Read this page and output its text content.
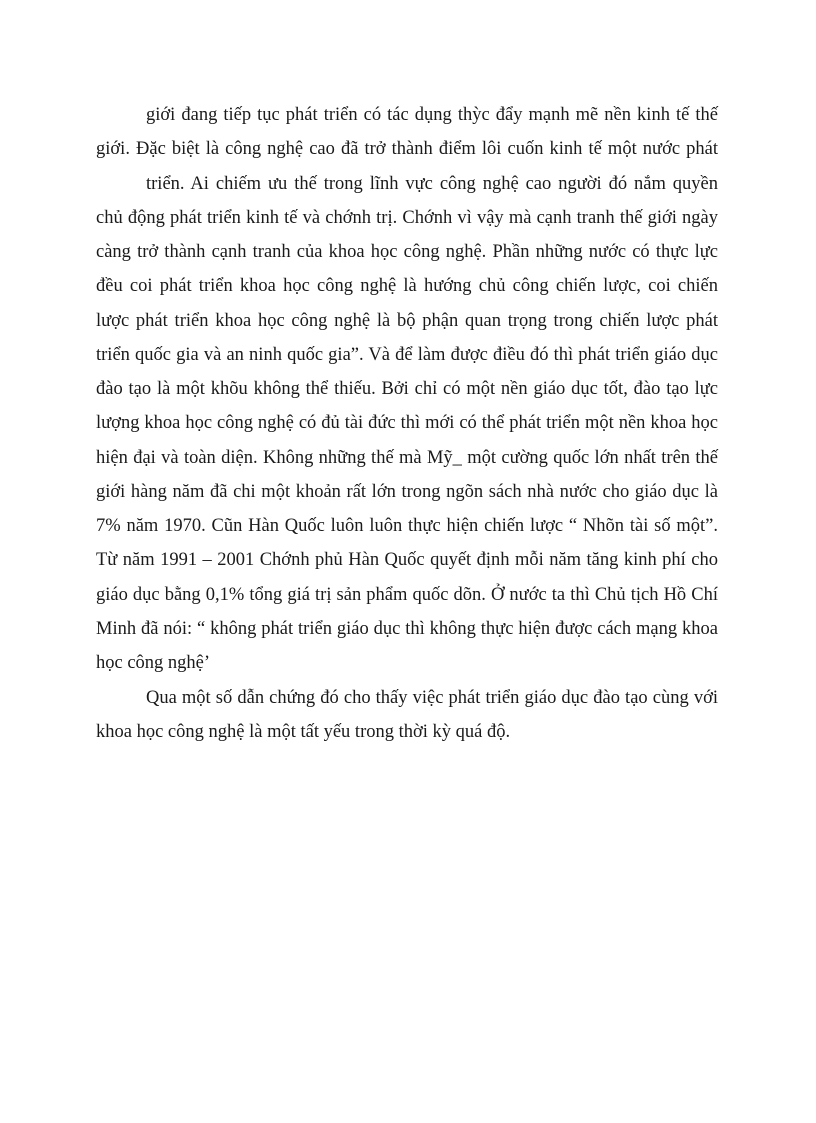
giới đang tiếp tục phát triển có tác dụng thỳc đẩy mạnh mẽ nền kinh tế thế
giới. Đặc biệt là công nghệ cao đã trở thành điểm lôi cuốn kinh tế một nước phát
triển. Ai chiếm ưu thế trong lĩnh vực công nghệ cao người đó nắm quyền
chủ động phát triển kinh tế và chớnh trị. Chớnh vì vậy mà cạnh tranh thế giới ngày
càng trở thành cạnh tranh của khoa học công nghệ. Phần những nước có thực lực
đều coi phát triển khoa học công nghệ là hướng chủ công chiến lược, coi chiến
lược phát triển khoa học công nghệ là bộ phận quan trọng trong chiến lược phát
triển quốc gia và an ninh quốc gia”. Và để làm được điều đó thì phát triển giáo dục
đào tạo là một khõu không thể thiếu. Bởi chỉ có một nền giáo dục tốt, đào tạo lực
lượng khoa học công nghệ có đủ tài đức thì mới có thể phát triển một nền khoa học
hiện đại và toàn diện. Không những thế mà Mỹ_ một cường quốc lớn nhất trên thế
giới hàng năm đã chi một khoản rất lớn trong ngõn sách nhà nước cho giáo dục là
7% năm 1970. Cũn Hàn Quốc luôn luôn thực hiện chiến lược “ Nhõn tài số một”.
Từ năm 1991 – 2001 Chớnh phủ Hàn Quốc quyết định mỗi năm tăng kinh phí cho
giáo dục bằng 0,1% tổng giá trị sản phẩm quốc dõn. Ở nước ta thì Chủ tịch Hồ Chí
Minh đã nói: “ không phát triển giáo dục thì không thực hiện được cách mạng khoa
học công nghệ’
Qua một số dẫn chứng đó cho thấy việc phát triển giáo dục đào tạo cùng với
khoa học công nghệ là một tất yếu trong thời kỳ quá độ.
